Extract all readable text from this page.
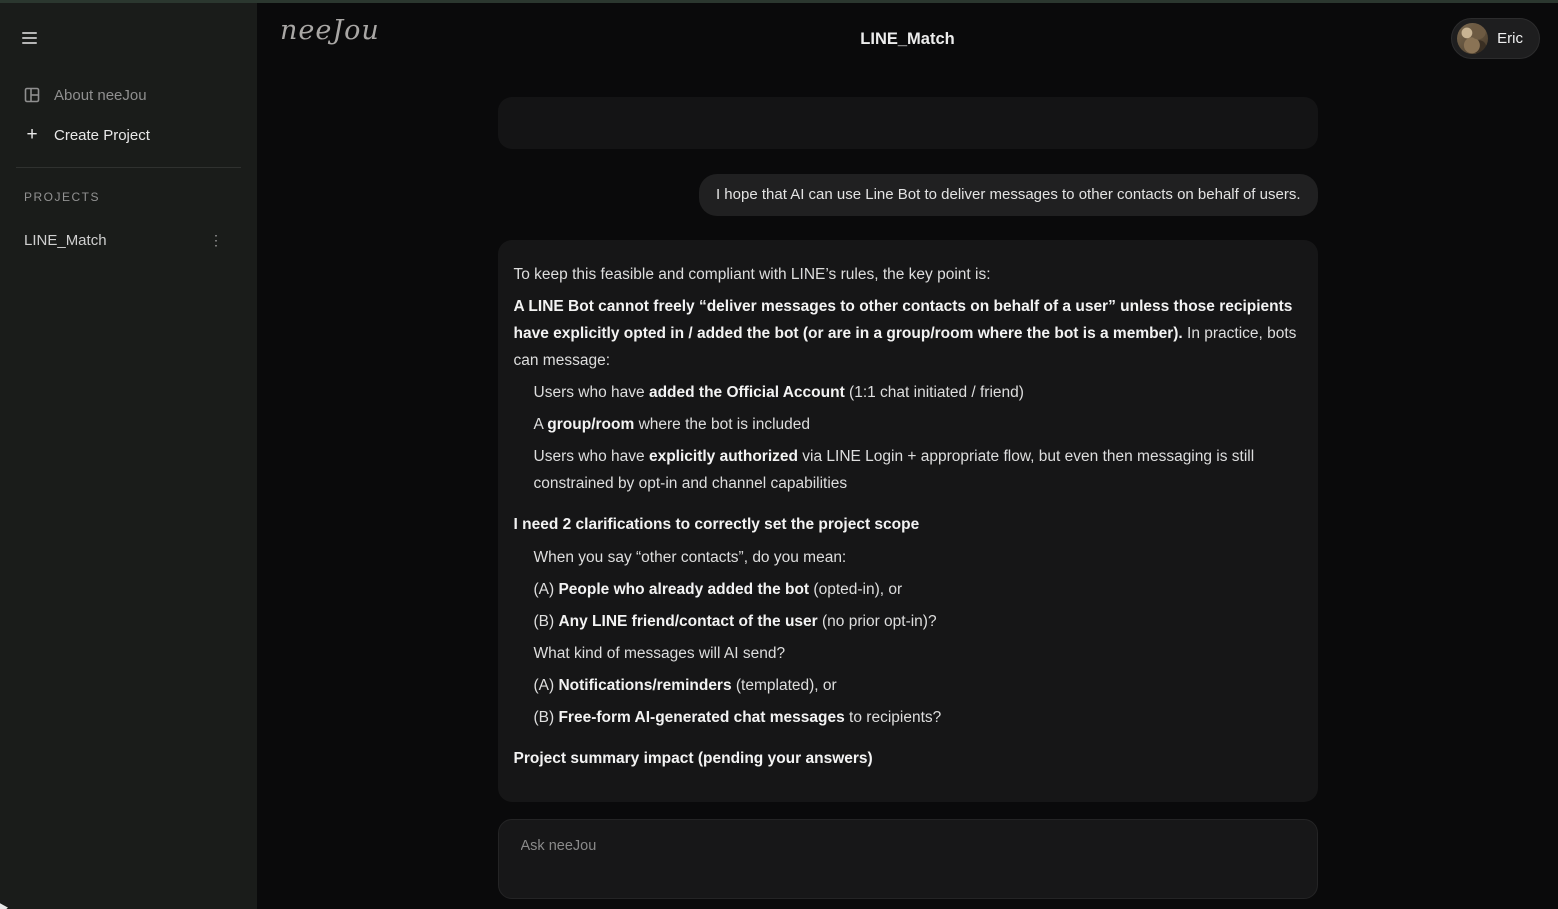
About neeJou
+ Create Project
PROJECTS
LINE_Match	⋮
neeJou	LINE_Match	Eric
I hope that AI can use Line Bot to deliver messages to other contacts on behalf of users.
To keep this feasible and compliant with LINE’s rules, the key point is:
A LINE Bot cannot freely “deliver messages to other contacts on behalf of a user” unless those recipients have explicitly opted in / added the bot (or are in a group/room where the bot is a member). In practice, bots can message:
Users who have added the Official Account (1:1 chat initiated / friend)
A group/room where the bot is included
Users who have explicitly authorized via LINE Login + appropriate flow, but even then messaging is still constrained by opt-in and channel capabilities
I need 2 clarifications to correctly set the project scope
When you say “other contacts”, do you mean:
(A) People who already added the bot (opted-in), or
(B) Any LINE friend/contact of the user (no prior opt-in)?
What kind of messages will AI send?
(A) Notifications/reminders (templated), or
(B) Free-form AI-generated chat messages to recipients?
Project summary impact (pending your answers)
Ask neeJou
